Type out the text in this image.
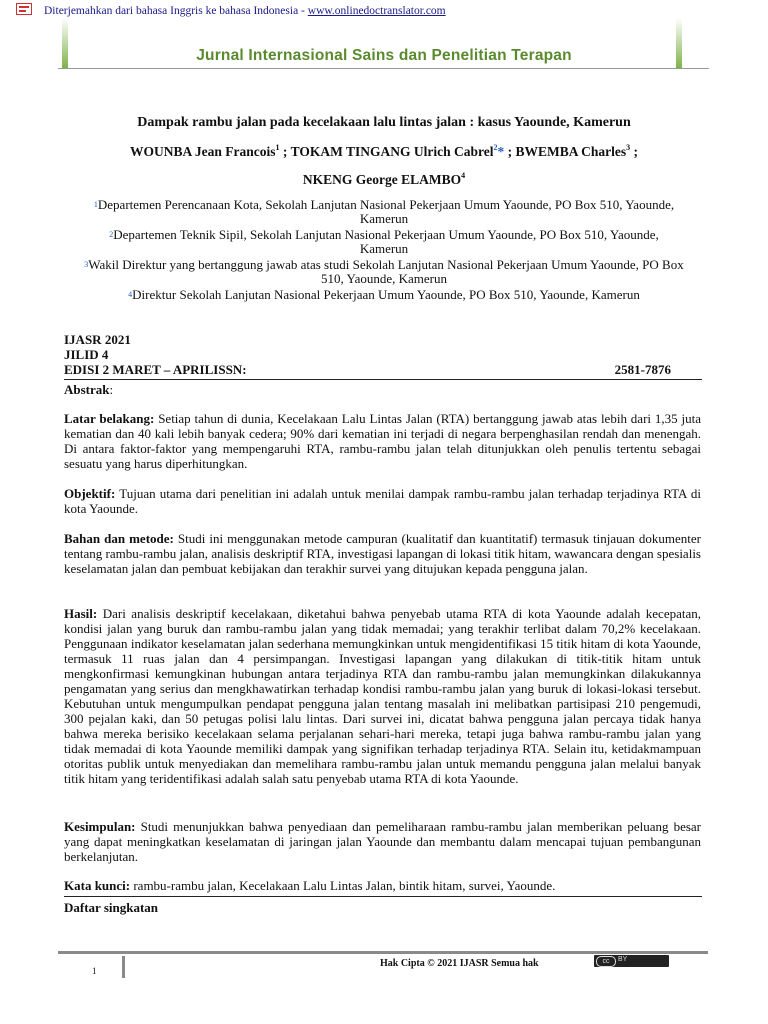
Diterjemahkan dari bahasa Inggris ke bahasa Indonesia - www.onlinedoctranslator.com
Jurnal Internasional Sains dan Penelitian Terapan
Dampak rambu jalan pada kecelakaan lalu lintas jalan : kasus Yaounde, Kamerun
WOUNBA Jean Francois$^1$ ; TOKAM TINGANG Ulrich Cabrel$^2$* ; BWEMBA Charles$^3$ ;
NKENG George ELAMBO$^4$
$^1$Departemen Perencanaan Kota, Sekolah Lanjutan Nasional Pekerjaan Umum Yaounde, PO Box 510, Yaounde, Kamerun
$^2$Departemen Teknik Sipil, Sekolah Lanjutan Nasional Pekerjaan Umum Yaounde, PO Box 510, Yaounde, Kamerun
$^3$Wakil Direktur yang bertanggung jawab atas studi Sekolah Lanjutan Nasional Pekerjaan Umum Yaounde, PO Box 510, Yaounde, Kamerun
$^4$Direktur Sekolah Lanjutan Nasional Pekerjaan Umum Yaounde, PO Box 510, Yaounde, Kamerun
IJASR 2021
JILID 4
EDISI 2 MARET – APRILISSN:	2581-7876
Abstrak:
Latar belakang: Setiap tahun di dunia, Kecelakaan Lalu Lintas Jalan (RTA) bertanggung jawab atas lebih dari 1,35 juta kematian dan 40 kali lebih banyak cedera; 90% dari kematian ini terjadi di negara berpenghasilan rendah dan menengah. Di antara faktor-faktor yang mempengaruhi RTA, rambu-rambu jalan telah ditunjukkan oleh penulis tertentu sebagai sesuatu yang harus diperhitungkan.
Objektif: Tujuan utama dari penelitian ini adalah untuk menilai dampak rambu-rambu jalan terhadap terjadinya RTA di kota Yaounde.
Bahan dan metode: Studi ini menggunakan metode campuran (kualitatif dan kuantitatif) termasuk tinjauan dokumenter tentang rambu-rambu jalan, analisis deskriptif RTA, investigasi lapangan di lokasi titik hitam, wawancara dengan spesialis keselamatan jalan dan pembuat kebijakan dan terakhir survei yang ditujukan kepada pengguna jalan.
Hasil: Dari analisis deskriptif kecelakaan, diketahui bahwa penyebab utama RTA di kota Yaounde adalah kecepatan, kondisi jalan yang buruk dan rambu-rambu jalan yang tidak memadai; yang terakhir terlibat dalam 70,2% kecelakaan. Penggunaan indikator keselamatan jalan sederhana memungkinkan untuk mengidentifikasi 15 titik hitam di kota Yaounde, termasuk 11 ruas jalan dan 4 persimpangan. Investigasi lapangan yang dilakukan di titik-titik hitam untuk mengkonfirmasi kemungkinan hubungan antara terjadinya RTA dan rambu-rambu jalan memungkinkan dilakukannya pengamatan yang serius dan mengkhawatirkan terhadap kondisi rambu-rambu jalan yang buruk di lokasi-lokasi tersebut. Kebutuhan untuk mengumpulkan pendapat pengguna jalan tentang masalah ini melibatkan partisipasi 210 pengemudi, 300 pejalan kaki, dan 50 petugas polisi lalu lintas. Dari survei ini, dicatat bahwa pengguna jalan percaya tidak hanya bahwa mereka berisiko kecelakaan selama perjalanan sehari-hari mereka, tetapi juga bahwa rambu-rambu jalan yang tidak memadai di kota Yaounde memiliki dampak yang signifikan terhadap terjadinya RTA. Selain itu, ketidakmampuan otoritas publik untuk menyediakan dan memelihara rambu-rambu jalan untuk memandu pengguna jalan melalui banyak titik hitam yang teridentifikasi adalah salah satu penyebab utama RTA di kota Yaounde.
Kesimpulan: Studi menunjukkan bahwa penyediaan dan pemeliharaan rambu-rambu jalan memberikan peluang besar yang dapat meningkatkan keselamatan di jaringan jalan Yaounde dan membantu dalam mencapai tujuan pembangunan berkelanjutan.
Kata kunci: rambu-rambu jalan, Kecelakaan Lalu Lintas Jalan, bintik hitam, survei, Yaounde.
Daftar singkatan
1
Hak Cipta © 2021 IJASR Semua hak	cc	BY
